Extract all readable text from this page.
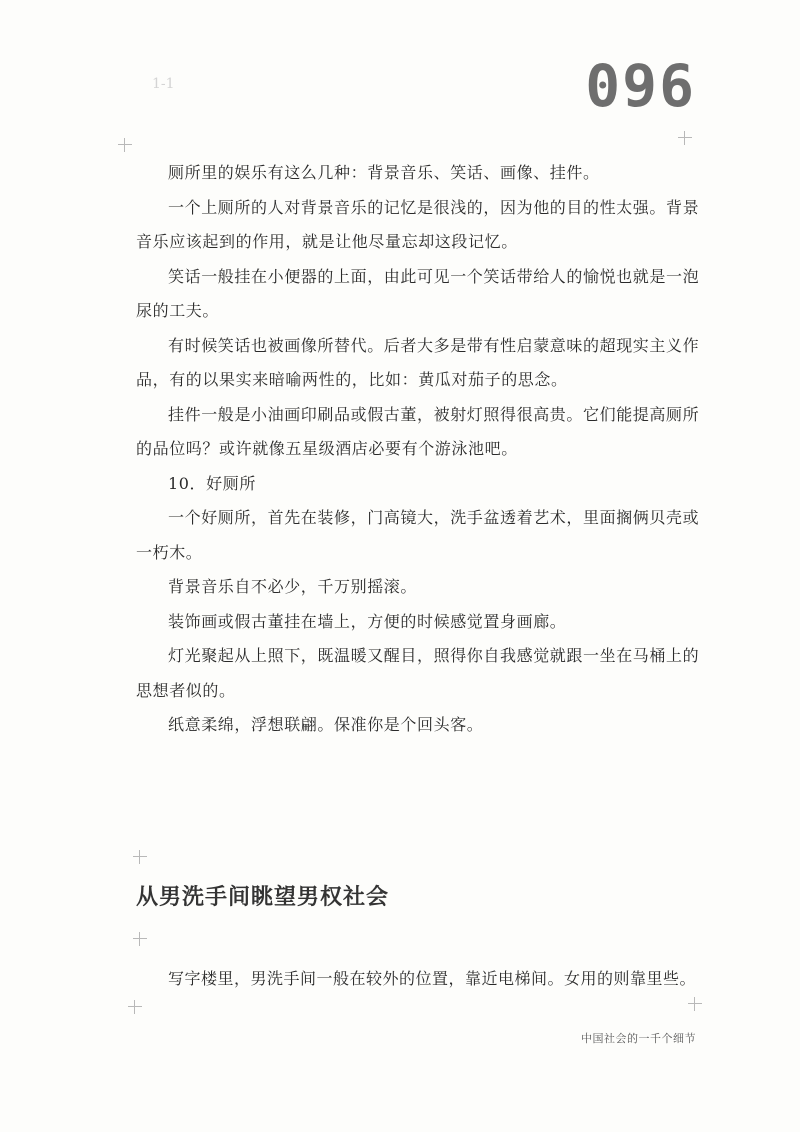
1-1	096

厕所里的娱乐有这么几种：背景音乐、笑话、画像、挂件。

一个上厕所的人对背景音乐的记忆是很浅的，因为他的目的性太强。背景音乐应该起到的作用，就是让他尽量忘却这段记忆。

笑话一般挂在小便器的上面，由此可见一个笑话带给人的愉悦也就是一泡尿的工夫。

有时候笑话也被画像所替代。后者大多是带有性启蒙意味的超现实主义作品，有的以果实来暗喻两性的，比如：黄瓜对茄子的思念。

挂件一般是小油画印刷品或假古董，被射灯照得很高贵。它们能提高厕所的品位吗？或许就像五星级酒店必要有个游泳池吧。

10．好厕所

一个好厕所，首先在装修，门高镜大，洗手盆透着艺术，里面搁俩贝壳或一朽木。

背景音乐自不必少，千万别摇滚。

装饰画或假古董挂在墙上，方便的时候感觉置身画廊。

灯光聚起从上照下，既温暖又醒目，照得你自我感觉就跟一坐在马桶上的思想者似的。

纸意柔绵，浮想联翩。保准你是个回头客。

从男洗手间眺望男权社会

写字楼里，男洗手间一般在较外的位置，靠近电梯间。女用的则靠里些。

中国社会的一千个细节
